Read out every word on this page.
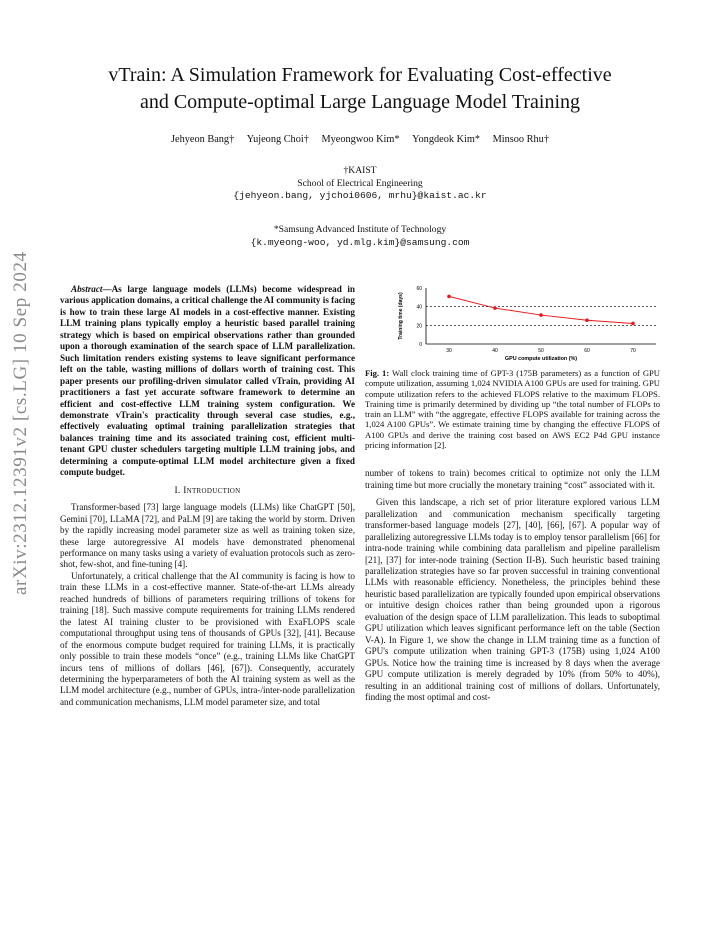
vTrain: A Simulation Framework for Evaluating Cost-effective
and Compute-optimal Large Language Model Training
Jehyeon Bang† Yujeong Choi† Myeongwoo Kim* Yongdeok Kim* Minsoo Rhu†
†KAIST
School of Electrical Engineering
{jehyeon.bang, yjchoi0606, mrhu}@kaist.ac.kr
*Samsung Advanced Institute of Technology
{k.myeong-woo, yd.mlg.kim}@samsung.com
arXiv:2312.12391v2 [cs.LG] 10 Sep 2024	Abstract—As large language models (LLMs) become widespread in various application domains, a critical challenge the AI community is facing is how to train these large AI models in a cost-effective manner. Existing LLM training plans typically employ a heuristic based parallel training strategy which is based on empirical observations rather than grounded upon a thorough examination of the search space of LLM parallelization. Such limitation renders existing systems to leave significant performance left on the table, wasting millions of dollars worth of training cost. This paper presents our profiling-driven simulator called vTrain, providing AI practitioners a fast yet accurate software framework to determine an efficient and cost-effective LLM training system configuration. We demonstrate vTrain's practicality through several case studies, e.g., effectively evaluating optimal training parallelization strategies that balances training time and its associated training cost, efficient multi-tenant GPU cluster schedulers targeting multiple LLM training jobs, and determining a compute-optimal LLM model architecture given a fixed compute budget.

I. Introduction

Transformer-based [73] large language models (LLMs) like ChatGPT [50], Gemini [70], LLaMA [72], and PaLM [9] are taking the world by storm. Driven by the rapidly increasing model parameter size as well as training token size, these large autoregressive AI models have demonstrated phenomenal performance on many tasks using a variety of evaluation protocols such as zero-shot, few-shot, and fine-tuning [4].

Unfortunately, a critical challenge that the AI community is facing is how to train these LLMs in a cost-effective manner. State-of-the-art LLMs already reached hundreds of billions of parameters requiring trillions of tokens for training [18]. Such massive compute requirements for training LLMs rendered the latest AI training cluster to be provisioned with ExaFLOPS scale computational throughput using tens of thousands of GPUs [32], [41]. Because of the enormous compute budget required for training LLMs, it is practically only possible to train these models “once” (e.g., training LLMs like ChatGPT incurs tens of millions of dollars [46], [67]). Consequently, accurately determining the hyperparameters of both the AI training system as well as the LLM model architecture (e.g., number of GPUs, intra-/inter-node parallelization and communication mechanisms, LLM model parameter size, and total

0
20
40
60
30	40	50	60	70
GPU compute utilization (%)
Training time (days)
Fig. 1: Wall clock training time of GPT-3 (175B parameters) as a function of GPU compute utilization, assuming 1,024 NVIDIA A100 GPUs are used for training. GPU compute utilization refers to the achieved FLOPS relative to the maximum FLOPS. Training time is primarily determined by dividing up “the total number of FLOPs to train an LLM” with “the aggregate, effective FLOPS available for training across the 1,024 A100 GPUs”. We estimate training time by changing the effective FLOPS of A100 GPUs and derive the training cost based on AWS EC2 P4d GPU instance pricing information [2].

number of tokens to train) becomes critical to optimize not only the LLM training time but more crucially the monetary training “cost” associated with it.

Given this landscape, a rich set of prior literature explored various LLM parallelization and communication mechanism specifically targeting transformer-based language models [27], [40], [66], [67]. A popular way of parallelizing autoregressive LLMs today is to employ tensor parallelism [66] for intra-node training while combining data parallelism and pipeline parallelism [21], [37] for inter-node training (Section II-B). Such heuristic based training parallelization strategies have so far proven successful in training conventional LLMs with reasonable efficiency. Nonetheless, the principles behind these heuristic based parallelization are typically founded upon empirical observations or intuitive design choices rather than being grounded upon a rigorous evaluation of the design space of LLM parallelization. This leads to suboptimal GPU utilization which leaves significant performance left on the table (Section V-A). In Figure 1, we show the change in LLM training time as a function of GPU's compute utilization when training GPT-3 (175B) using 1,024 A100 GPUs. Notice how the training time is increased by 8 days when the average GPU compute utilization is merely degraded by 10% (from 50% to 40%), resulting in an additional training cost of millions of dollars. Unfortunately, finding the most optimal and cost-
